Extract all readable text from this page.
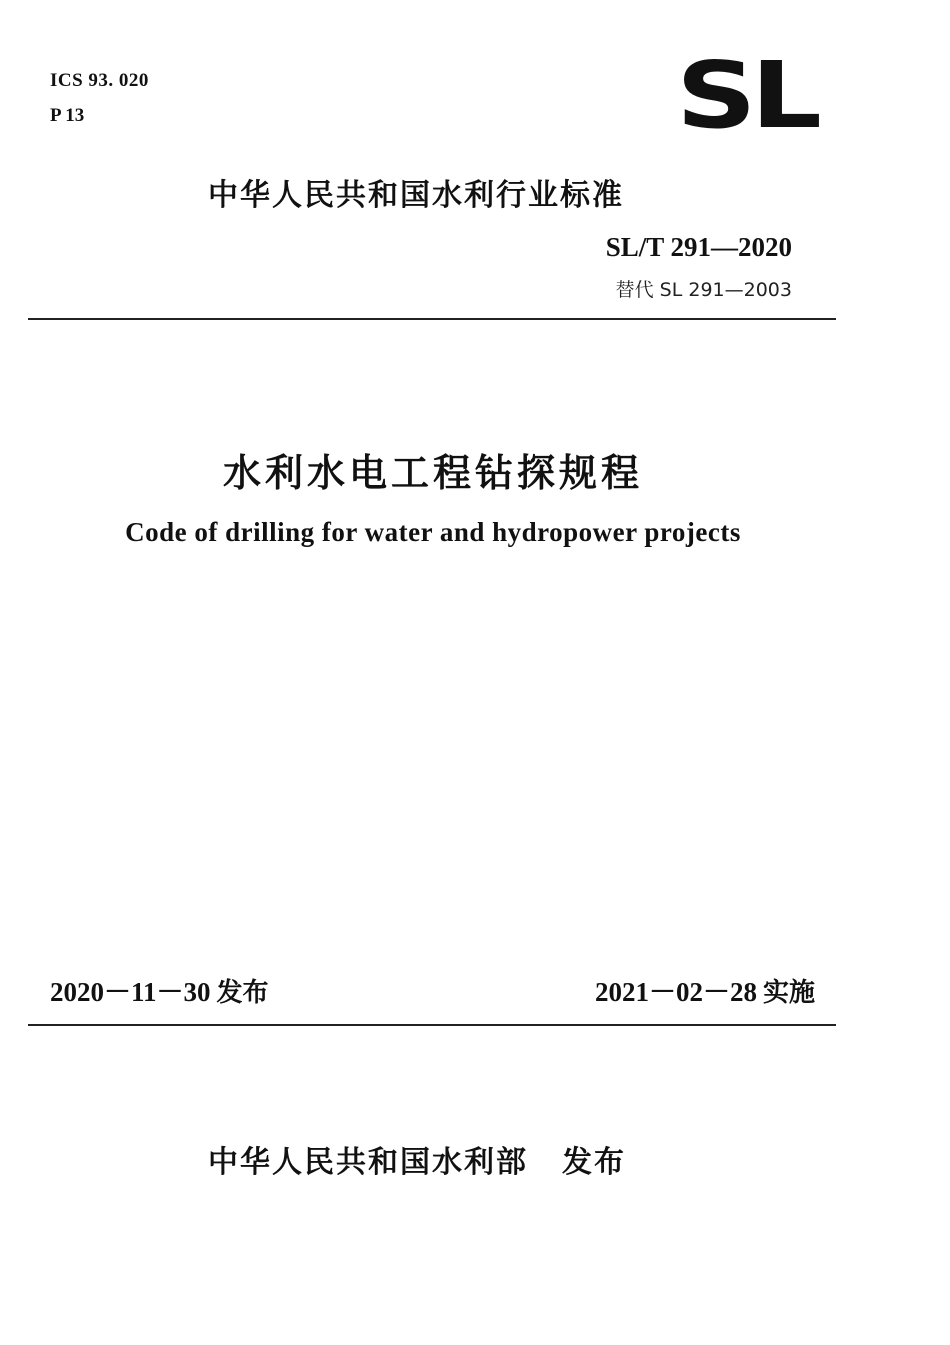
ICS 93. 020
P 13	SL
中华人民共和国水利行业标准
SL/T 291—2020
替代 SL 291—2003
水利水电工程钻探规程
Code of drilling for water and hydropower projects
2020－11－30 发布	2021－02－28 实施
中华人民共和国水利部 发布
